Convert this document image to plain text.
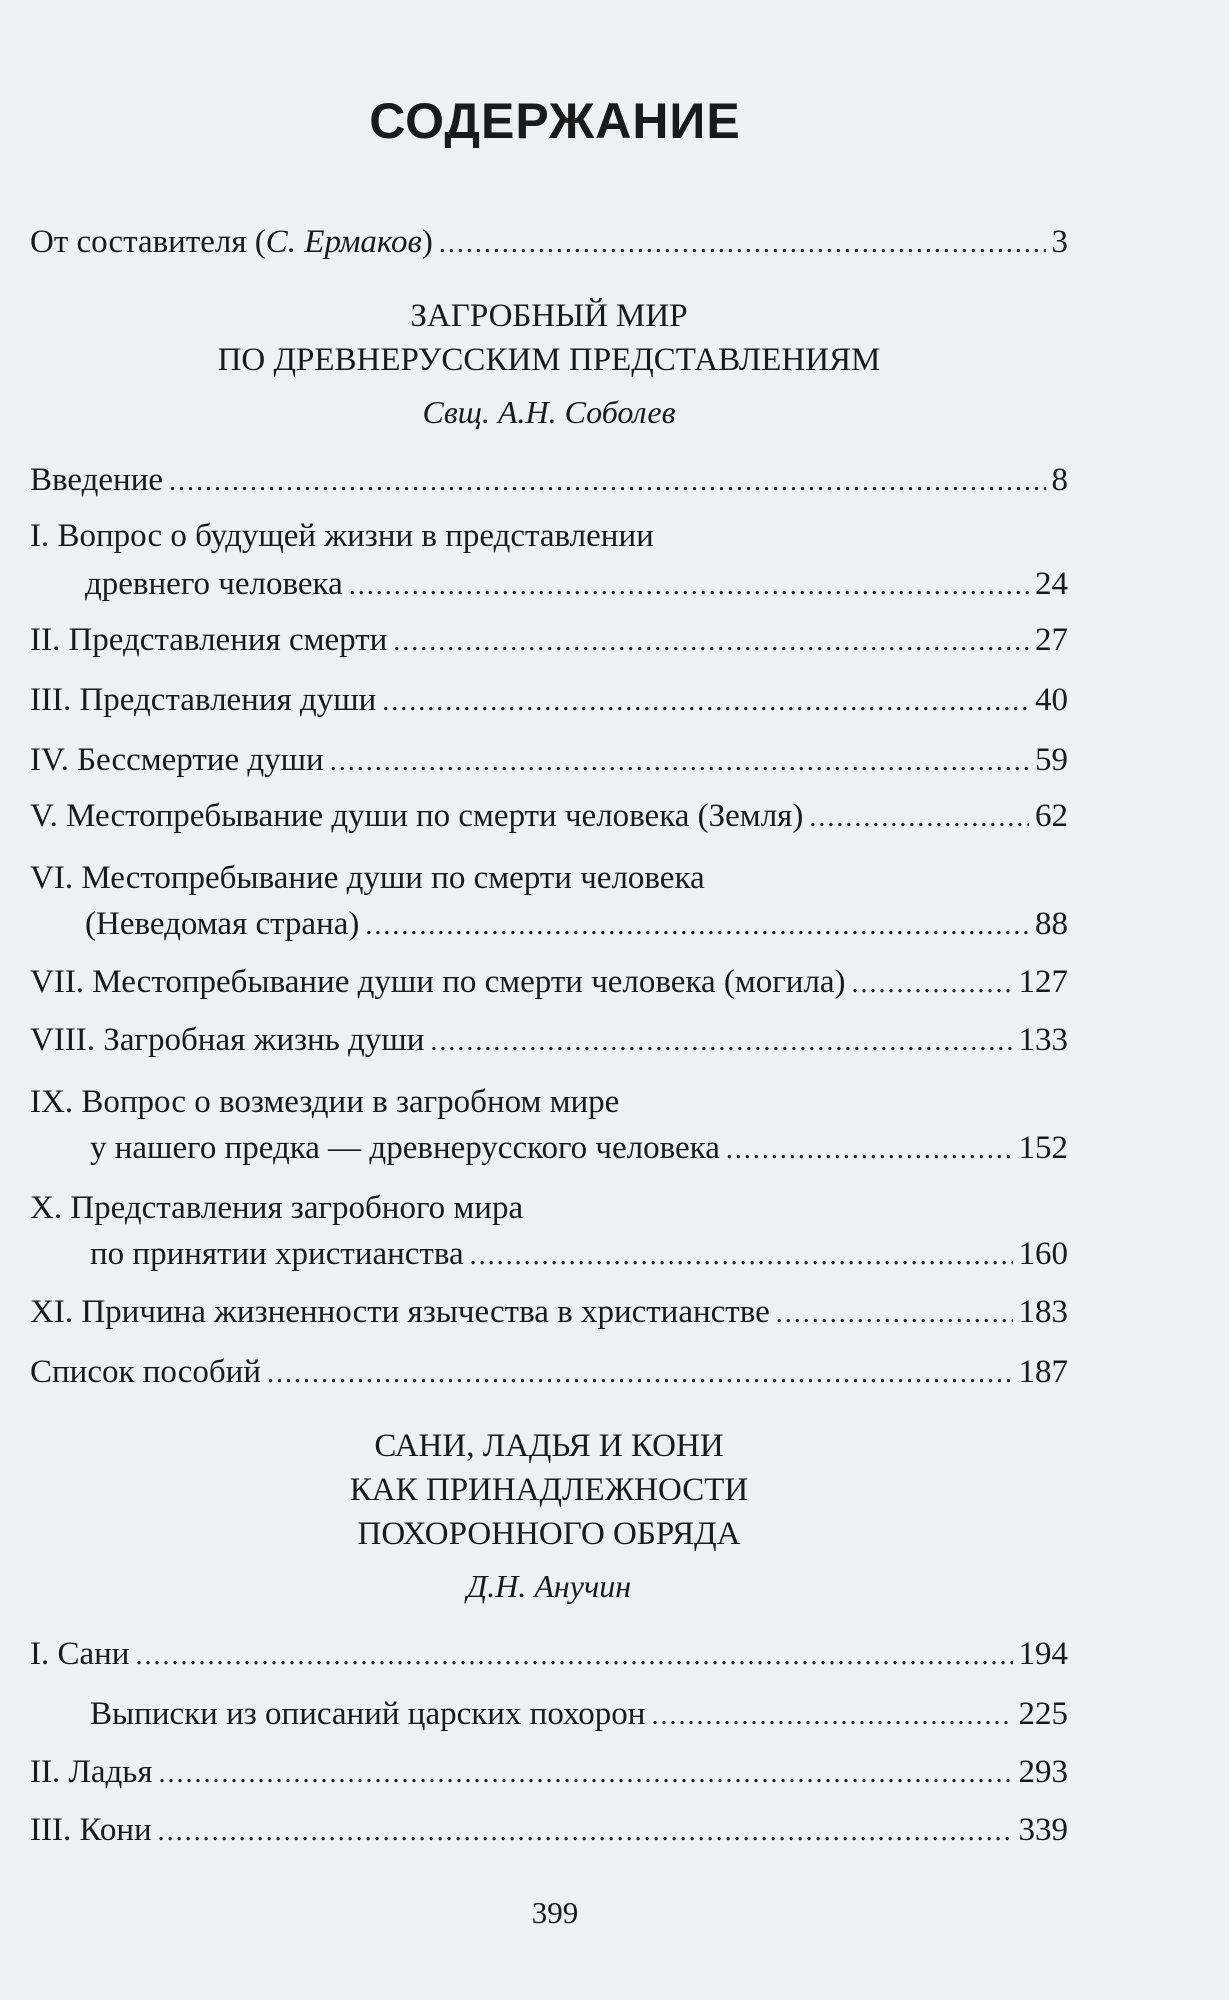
СОДЕРЖАНИЕ
От составителя (С. Ермаков) .....	3
ЗАГРОБНЫЙ МИР
ПО ДРЕВНЕРУССКИМ ПРЕДСТАВЛЕНИЯМ
Свщ. А.Н. Соболев
Введение .....	8
I. Вопрос о будущей жизни в представлении
древнего человека .....	24
II. Представления смерти .....	27
III. Представления души .....	40
IV. Бессмертие души .....	59
V. Местопребывание души по смерти человека (Земля) .....	62
VI. Местопребывание души по смерти человека
(Неведомая страна) .....	88
VII. Местопребывание души по смерти человека (могила) .....	127
VIII. Загробная жизнь души .....	133
IX. Вопрос о возмездии в загробном мире
у нашего предка — древнерусского человека .....	152
X. Представления загробного мира
по принятии христианства .....	160
XI. Причина жизненности язычества в христианстве .....	183
Список пособий .....	187
САНИ, ЛАДЬЯ И КОНИ
КАК ПРИНАДЛЕЖНОСТИ
ПОХОРОННОГО ОБРЯДА
Д.Н. Анучин
I. Сани .....	194
Выписки из описаний царских похорон .....	225
II. Ладья .....	293
III. Кони .....	339
399
